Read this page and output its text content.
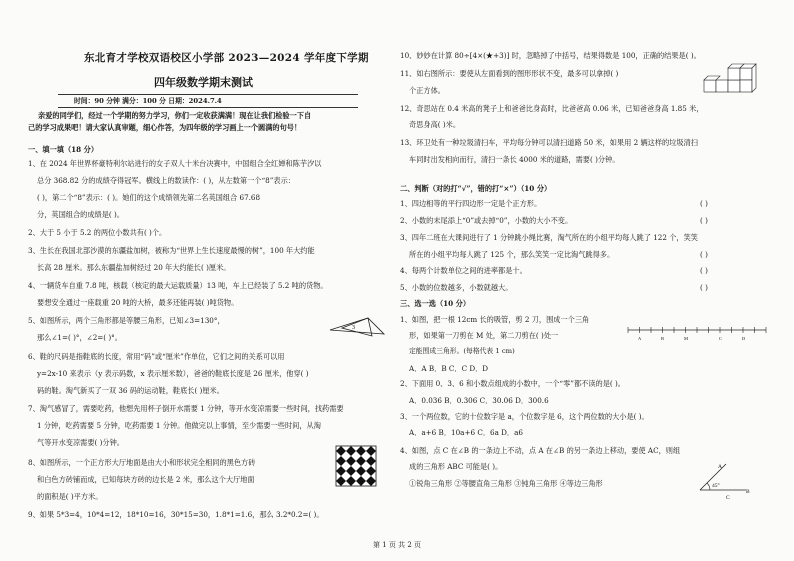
东北育才学校双语校区小学部 2023—2024 学年度下学期
四年级数学期末测试
时间：90 分钟 满分：100 分 日期：2024.7.4
亲爱的同学们，经过一个学期的努力学习，你们一定收获满满！现在让我们检验一下自
己的学习成果吧！请大家认真审题，细心作答，为四年级的学习画上一个圆满的句号！
一、填一填（18 分）
1、在 2024 年世界杯豪特利尔站进行的女子双人十米台决赛中，中国组合全红婵和陈芋汐以
总分 368.82 分的成绩夺得冠军。横线上的数读作：( )，从左数第一个“8”表示：
( )，第二个“8”表示：( )。她们的这个成绩领先第二名英国组合 67.68
分，英国组合的成绩是( )。
2、大于 5 小于 5.2 的两位小数共有( )个。
3、生长在我国北部沙漠的东疆盐加树，被称为“世界上生长速度最慢的树”，100 年大约能
长高 28 厘米。那么东疆盐加树经过 20 年大约能长( )厘米。
4、一辆货车自重 7.8 吨，核载（核定的最大运载质量）13 吨，车上已经装了 5.2 吨的货物。
要想安全通过一座载重 20 吨的大桥，最多还能再装( )吨货物。
5、如图所示，两个三角形都是等腰三角形，已知∠3=130°，
那么∠1=( )°，∠2=( )°。
3
6、鞋的尺码是指鞋底的长度，常用“码”或“厘米”作单位，它们之间的关系可以用
y=2x-10 来表示（y 表示码数，x 表示厘米数），爸爸的鞋底长度是 26 厘米，他穿( )
码的鞋。淘气新买了一双 36 码的运动鞋，鞋底长( )厘米。
7、淘气感冒了，需要吃药，他想先用杯子倒开水需要 1 分钟，等开水变凉需要一些时间，找药需要
1 分钟，吃药需要 5 分钟，吃药需要 1 分钟。他做完以上事情，至少需要一些时间，从淘
气等开水变凉需要( )分钟。
8、如图所示，一个正方形大厅地面是由大小和形状完全相同的黑色方砖
和白色方砖铺而成，已知每块方砖的边长是 2 米，那么这个大厅地面
的面积是( )平方米。
9、如果 5*3=4，10*4=12，18*10=16，30*15=30，1.8*1=1.6，那么 3.2*0.2=( )。
10、妙妙在计算 80÷[4×(★+3)] 时，忽略掉了中括号，结果得数是 100，正确的结果是( )。
11、如右图所示：要使从左面看到的图形形状不变，最多可以拿掉( )
个正方体。
12、奇思站在 0.4 米高的凳子上和爸爸比身高时，比爸爸高 0.06 米，已知爸爸身高 1.85 米，
奇思身高( )米。
13、环卫处有一种垃圾清扫车，平均每分钟可以清扫道路 50 米，如果用 2 辆这样的垃圾清扫
车同时出发相向而行，清扫一条长 4000 米的道路，需要( )分钟。
二、判断（对的打“√”，错的打“×”）（10 分）
1、四边相等的平行四边形一定是个正方形。	( )
2、小数的末尾添上“0”或去掉“0”，小数的大小不变。	( )
3、四年二班在大课间进行了 1 分钟跳小绳比赛，淘气所在的小组平均每人跳了 122 个，笑笑
所在的小组平均每人跳了 125 个，那么笑笑一定比淘气跳得多。	( )
4、每两个计数单位之间的进率都是十。	( )
5、小数的位数越多，小数就越大。	( )
三、选一选（10 分）
1、如图，把一根 12cm 长的吸管，剪 2 刀，围成一个三角
形，如果第一刀剪在 M 处，第二刀剪在( )处一
定能围成三角形。(每格代表 1 cm)
A	B	M	C	D
A．A B．B C．C D．D
2、下面用 0、3、6 和小数点组成的小数中，一个“零”都不读的是( )。
A．0.036 B．0.306 C．30.06 D．300.6
3、一个两位数，它的十位数字是 a，个位数字是 6，这个两位数的大小是( )。
A．a+6 B．10a+6 C．6a D．a6
4、如图，点 C 在∠B 的一条边上不动，点 A 在∠B 的另一条边上移动，要使 AC，则组
成的三角形 ABC 可能是( )。
①锐角三角形 ②等腰直角三角形 ③钝角三角形 ④等边三角形	45°
A
B
C
第 1 页 共 2 页
